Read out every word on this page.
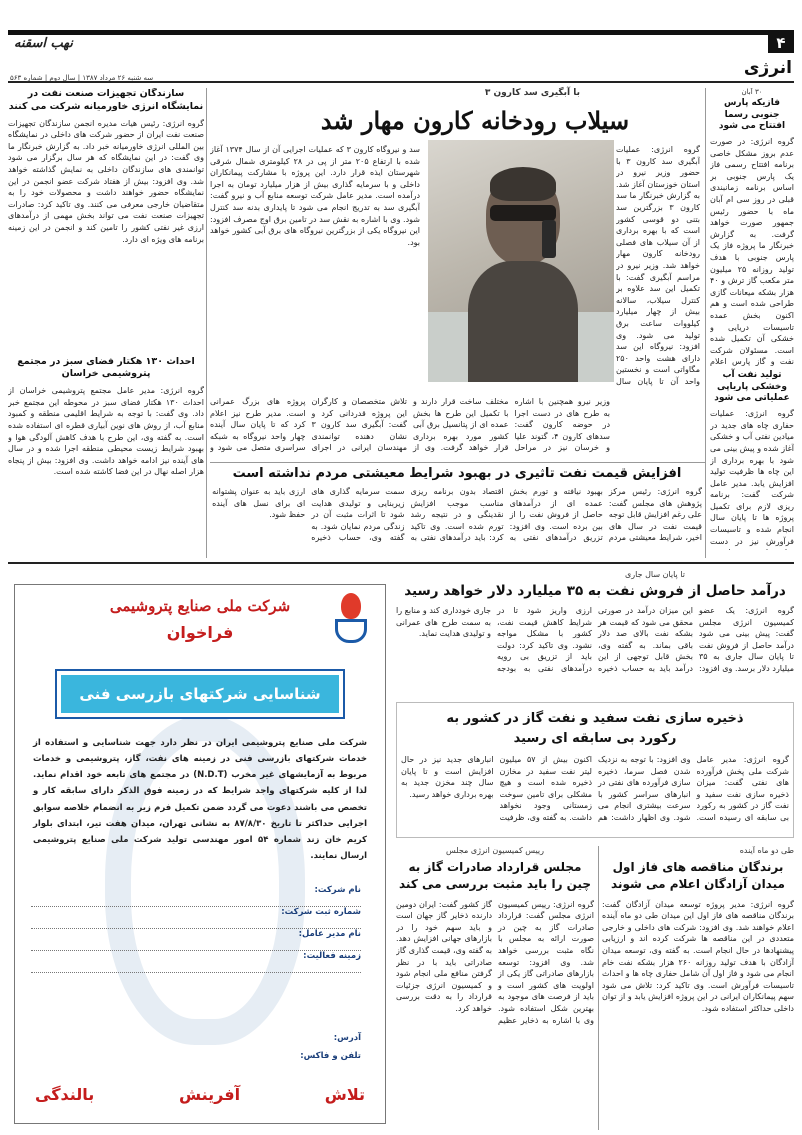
۴
نهب اسقنه
انرژی
سه شنبه ۲۶ مرداد ۱۳۸۷ | سال دوم | شماره ۵۶۳
۳۰ آبان
فازیکه پارس جنوبی رسما افتتاح می شود
گروه انرژی: در صورت عدم بروز مشکل خاصی برنامه افتتاح رسمی فاز یک پارس جنوبی بر اساس برنامه زمانبندی قبلی در روز سی ام آبان ماه با حضور رئیس جمهور صورت خواهد گرفت. به گزارش خبرنگار ما پروژه فاز یک پارس جنوبی با هدف تولید روزانه ۲۵ میلیون متر مکعب گاز ترش و ۴۰ هزار بشکه میعانات گازی طراحی شده است و هم اکنون بخش عمده تاسیسات دریایی و خشکی آن تکمیل شده است. مسئولان شرکت نفت و گاز پارس اعلام
تولید نفت آب وخشکی پاریاپی عملیاتی می شود
گروه انرژی: عملیات حفاری چاه های جدید در میادین نفتی آب و خشکی آغاز شده و پیش بینی می شود با بهره برداری از این چاه ها ظرفیت تولید افزایش یابد. مدیر عامل شرکت گفت: برنامه ریزی لازم برای تکمیل پروژه ها تا پایان سال انجام شده و تاسیسات فرآورش نیز در دست
با آبگیری سد کارون ۳
سیلاب رودخانه کارون مهار شد
گروه انرژی: عملیات آبگیری سد کارون ۳ با حضور وزیر نیرو در استان خوزستان آغاز شد. به گزارش خبرنگار ما سد کارون ۳ بزرگترین سد بتنی دو قوسی کشور است که با بهره برداری از آن سیلاب های فصلی رودخانه کارون مهار خواهد شد. وزیر نیرو در مراسم آبگیری گفت: با تکمیل این سد علاوه بر کنترل سیلاب، سالانه بیش از چهار میلیارد کیلووات ساعت برق تولید می شود. وی افزود: نیروگاه این سد دارای هشت واحد ۲۵۰ مگاواتی است و نخستین واحد آن تا پایان سال
سد و نیروگاه کارون ۳ که عملیات اجرایی آن از سال ۱۳۷۴ آغاز شده با ارتفاع ۲۰۵ متر از پی در ۲۸ کیلومتری شمال شرقی شهرستان ایذه قرار دارد. این پروژه با مشارکت پیمانکاران داخلی و با سرمایه گذاری بیش از هزار میلیارد تومان به اجرا درآمده است. مدیر عامل شرکت توسعه منابع آب و نیرو گفت: آبگیری سد به تدریج انجام می شود تا پایداری بدنه سد کنترل شود. وی با اشاره به نقش سد در تامین برق اوج مصرف افزود: این نیروگاه یکی از بزرگترین نیروگاه های برق آبی کشور خواهد بود.
وزیر نیرو همچنین با اشاره به طرح های در دست اجرا در حوضه کارون گفت: سدهای کارون ۴، گتوند علیا و خرسان نیز در مراحل مختلف ساخت قرار دارند و با تکمیل این طرح ها بخش عمده ای از پتانسیل برق آبی کشور مورد بهره برداری قرار خواهد گرفت. وی از تلاش متخصصان و کارگران این پروژه قدردانی کرد و گفت: آبگیری سد کارون ۳ نشان دهنده توانمندی مهندسان ایرانی در اجرای پروژه های بزرگ عمرانی است. مدیر طرح نیز اعلام کرد که تا پایان سال آینده چهار واحد نیروگاه به شبکه سراسری متصل می شود و
سازندگان تجهیزات صنعت نفت در نمایشگاه انرژی خاورمیانه شرکت می کنند
گروه انرژی: رئیس هیات مدیره انجمن سازندگان تجهیزات صنعت نفت ایران از حضور شرکت های داخلی در نمایشگاه بین المللی انرژی خاورمیانه خبر داد. به گزارش خبرنگار ما وی گفت: در این نمایشگاه که هر سال برگزار می شود توانمندی های سازندگان داخلی به نمایش گذاشته خواهد شد. وی افزود: بیش از هفتاد شرکت عضو انجمن در این نمایشگاه حضور خواهند داشت و محصولات خود را به متقاضیان خارجی معرفی می کنند. وی تاکید کرد: صادرات تجهیزات صنعت نفت می تواند بخش مهمی از درآمدهای ارزی غیر نفتی کشور را تامین کند و انجمن در این زمینه برنامه های ویژه ای دارد.
احداث ۱۳۰ هکتار فضای سبز در مجتمع پتروشیمی خراسان
گروه انرژی: مدیر عامل مجتمع پتروشیمی خراسان از احداث ۱۳۰ هکتار فضای سبز در محوطه این مجتمع خبر داد. وی گفت: با توجه به شرایط اقلیمی منطقه و کمبود منابع آب، از روش های نوین آبیاری قطره ای استفاده شده است. به گفته وی، این طرح با هدف کاهش آلودگی هوا و بهبود شرایط زیست محیطی منطقه اجرا شده و در سال های آینده نیز ادامه خواهد داشت. وی افزود: بیش از پنجاه هزار اصله نهال در این فضا کاشته شده است.	افزایش قیمت نفت تاثیری در بهبود شرایط معیشتی مردم نداشته است
گروه انرژی: رئیس مرکز پژوهش های مجلس گفت: علی رغم افزایش قابل توجه قیمت نفت در سال های اخیر، شرایط معیشتی مردم بهبود نیافته و تورم بخش عمده ای از درآمدهای حاصل از فروش نفت را از بین برده است. وی افزود: تزریق درآمدهای نفتی به اقتصاد بدون برنامه ریزی مناسب موجب افزایش نقدینگی و در نتیجه رشد تورم شده است. وی تاکید کرد: باید درآمدهای نفتی به سمت سرمایه گذاری های زیربنایی و تولیدی هدایت شود تا اثرات مثبت آن در زندگی مردم نمایان شود. به گفته وی، حساب ذخیره ارزی باید به عنوان پشتوانه ای برای نسل های آینده حفظ شود.
شرکت ملی صنایع پتروشیمی
فراخوان
شناسایی شرکتهای بازرسی فنی
شرکت ملی صنایع پتروشیمی ایران در نظر دارد جهت شناسایی و استفاده از خدمات شرکتهای بازرسی فنی در زمینه های نفت، گاز، پتروشیمی و خدمات مربوط به آزمایشهای غیر مخرب (N.D.T) در مجتمع های تابعه خود اقدام نماید. لذا از کلیه شرکتهای واجد شرایط که در زمینه فوق الذکر دارای سابقه کار و تخصص می باشند دعوت می گردد ضمن تکمیل فرم زیر به انضمام خلاصه سوابق اجرایی حداکثر تا تاریخ ۸۷/۸/۳۰ به نشانی تهران، میدان هفت تیر، ابتدای بلوار کریم خان زند شماره ۵۴ امور مهندسی تولید شرکت ملی صنایع پتروشیمی ارسال نمایند.
نام شرکت:
شماره ثبت شرکت:
نام مدیر عامل:
زمینه فعالیت:
آدرس:
تلفن و فاکس:
تلاش
آفرینش
بالندگی
تا پایان سال جاری
درآمد حاصل از فروش نفت به ۳۵ میلیارد دلار خواهد رسید
گروه انرژی: یک عضو کمیسیون انرژی مجلس گفت: پیش بینی می شود درآمد حاصل از فروش نفت تا پایان سال جاری به ۳۵ میلیارد دلار برسد. وی افزود: این میزان درآمد در صورتی محقق می شود که قیمت هر بشکه نفت بالای صد دلار باقی بماند. به گفته وی، بخش قابل توجهی از این درآمد باید به حساب ذخیره ارزی واریز شود تا در شرایط کاهش قیمت نفت، کشور با مشکل مواجه نشود. وی تاکید کرد: دولت باید از تزریق بی رویه درآمدهای نفتی به بودجه جاری خودداری کند و منابع را به سمت طرح های عمرانی و تولیدی هدایت نماید.
ذخیره سازی نفت سفید و نفت گاز در کشور به رکورد بی سابقه ای رسید
گروه انرژی: مدیر عامل شرکت ملی پخش فرآورده های نفتی گفت: میزان ذخیره سازی نفت سفید و نفت گاز در کشور به رکورد بی سابقه ای رسیده است. وی افزود: با توجه به نزدیک شدن فصل سرما، ذخیره سازی فرآورده های نفتی در انبارهای سراسر کشور با سرعت بیشتری انجام می شود. وی اظهار داشت: هم اکنون بیش از ۵۷ میلیون لیتر نفت سفید در مخازن ذخیره شده است و هیچ مشکلی برای تامین سوخت زمستانی وجود نخواهد داشت. به گفته وی، ظرفیت انبارهای جدید نیز در حال افزایش است و تا پایان سال چند مخزن جدید به بهره برداری خواهد رسید.
طی دو ماه آینده
برندگان مناقصه های فاز اول میدان آزادگان اعلام می شوند
گروه انرژی: مدیر پروژه توسعه میدان آزادگان گفت: برندگان مناقصه های فاز اول این میدان طی دو ماه آینده اعلام خواهند شد. وی افزود: شرکت های داخلی و خارجی متعددی در این مناقصه ها شرکت کرده اند و ارزیابی پیشنهادها در حال انجام است. به گفته وی، توسعه میدان آزادگان با هدف تولید روزانه ۲۶۰ هزار بشکه نفت خام انجام می شود و فاز اول آن شامل حفاری چاه ها و احداث تاسیسات فرآورش است. وی تاکید کرد: تلاش می شود سهم پیمانکاران ایرانی در این پروژه افزایش یابد و از توان داخلی حداکثر استفاده شود.
رییس کمیسیون انرژی مجلس
مجلس قرارداد صادرات گاز به چین را باید مثبت بررسی می کند
گروه انرژی: رییس کمیسیون انرژی مجلس گفت: قرارداد صادرات گاز به چین در صورت ارائه به مجلس با نگاه مثبت بررسی خواهد شد. وی افزود: توسعه بازارهای صادراتی گاز یکی از اولویت های کشور است و باید از فرصت های موجود به بهترین شکل استفاده شود. وی با اشاره به ذخایر عظیم گاز کشور گفت: ایران دومین دارنده ذخایر گاز جهان است و باید سهم خود را در بازارهای جهانی افزایش دهد. به گفته وی، قیمت گذاری گاز صادراتی باید با در نظر گرفتن منافع ملی انجام شود و کمیسیون انرژی جزئیات قرارداد را به دقت بررسی خواهد کرد.
